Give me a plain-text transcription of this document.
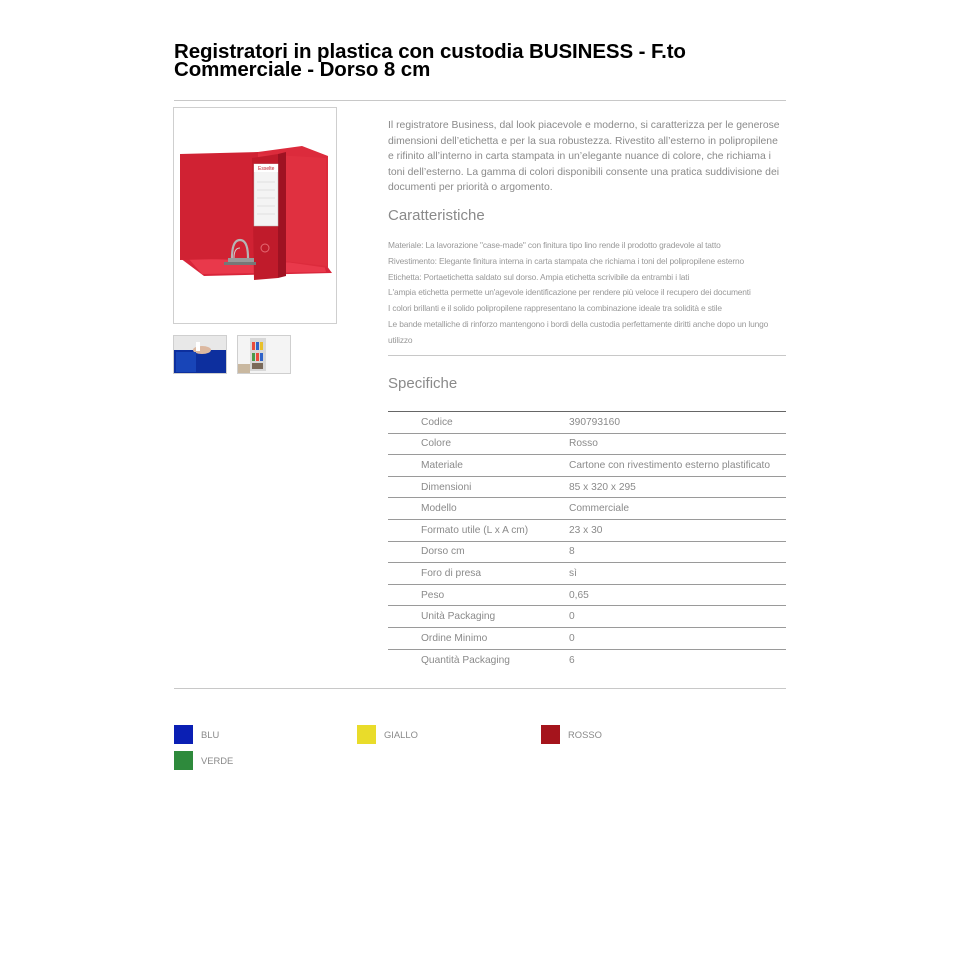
Registratori in plastica con custodia BUSINESS - F.to Commerciale - Dorso 8 cm
Esselte

Il registratore Business, dal look piacevole e moderno, si caratterizza per le generose dimensioni dell’etichetta e per la sua robustezza. Rivestito all’esterno in polipropilene e rifinito all’interno in carta stampata in un’elegante nuance di colore, che richiama i toni dell’esterno. La gamma di colori disponibili consente una pratica suddivisione dei documenti per priorità o argomento.

Caratteristiche
Materiale: La lavorazione "case-made" con finitura tipo lino rende il prodotto gradevole al tatto
Rivestimento: Elegante finitura interna in carta stampata che richiama i toni del polipropilene esterno
Etichetta: Portaetichetta saldato sul dorso. Ampia etichetta scrivibile da entrambi i lati
L'ampia etichetta permette un'agevole identificazione per rendere più veloce il recupero dei documenti
I colori brillanti e il solido polipropilene rappresentano la combinazione ideale tra solidità e stile
Le bande metalliche di rinforzo mantengono i bordi della custodia perfettamente diritti anche dopo un lungo utilizzo
Specifiche
Codice	390793160
Colore	Rosso
Materiale	Cartone con rivestimento esterno plastificato
Dimensioni	85 x 320 x 295
Modello	Commerciale
Formato utile (L x A cm)	23 x 30
Dorso cm	8
Foro di presa	sì
Peso	0,65
Unità Packaging	0
Ordine Minimo	0
Quantità Packaging	6
BLU	GIALLO	ROSSO
VERDE
